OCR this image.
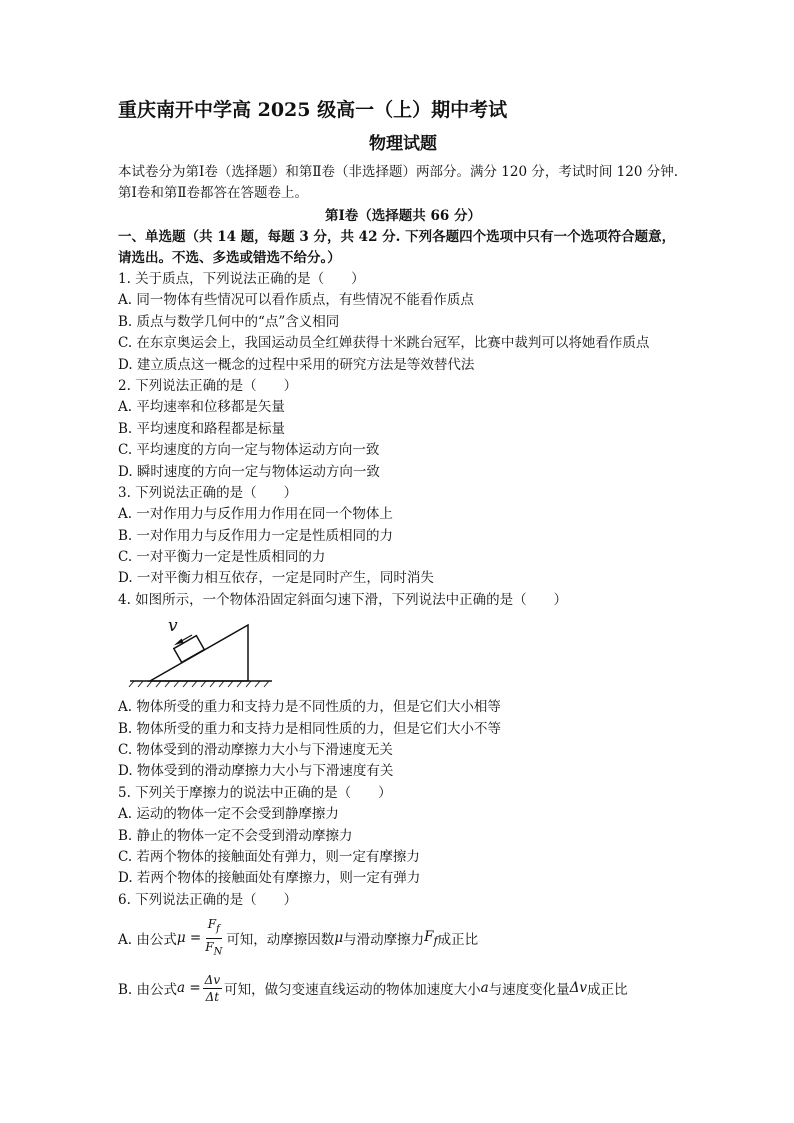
重庆南开中学高 2025 级高一（上）期中考试
物理试题
本试卷分为第Ⅰ卷（选择题）和第Ⅱ卷（非选择题）两部分。满分 120 分，考试时间 120 分钟. 第Ⅰ卷和第Ⅱ卷都答在答题卷上。
第Ⅰ卷（选择题共 66 分）
一、单选题（共 14 题，每题 3 分，共 42 分. 下列各题四个选项中只有一个选项符合题意，请选出。不选、多选或错选不给分。）
1. 关于质点，下列说法正确的是（　　）
A. 同一物体有些情况可以看作质点，有些情况不能看作质点
B. 质点与数学几何中的“点”含义相同
C. 在东京奥运会上，我国运动员全红婵获得十米跳台冠军，比赛中裁判可以将她看作质点
D. 建立质点这一概念的过程中采用的研究方法是等效替代法
2. 下列说法正确的是（　　）
A. 平均速率和位移都是矢量
B. 平均速度和路程都是标量
C. 平均速度的方向一定与物体运动方向一致
D. 瞬时速度的方向一定与物体运动方向一致
3. 下列说法正确的是（　　）
A. 一对作用力与反作用力作用在同一个物体上
B. 一对作用力与反作用力一定是性质相同的力
C. 一对平衡力一定是性质相同的力
D. 一对平衡力相互依存，一定是同时产生，同时消失
4. 如图所示，一个物体沿固定斜面匀速下滑，下列说法中正确的是（　　）
v
A. 物体所受的重力和支持力是不同性质的力，但是它们大小相等
B. 物体所受的重力和支持力是相同性质的力，但是它们大小不等
C. 物体受到的滑动摩擦力大小与下滑速度无关
D. 物体受到的滑动摩擦力大小与下滑速度有关
5. 下列关于摩擦力的说法中正确的是（　　）
A. 运动的物体一定不会受到静摩擦力
B. 静止的物体一定不会受到滑动摩擦力
C. 若两个物体的接触面处有弹力，则一定有摩擦力
D. 若两个物体的接触面处有摩擦力，则一定有弹力
6. 下列说法正确的是（　　）
A. 由公式 $\mu = \frac{F_f}{F_N}$ 可知，动摩擦因数 μ 与滑动摩擦力 $F_f$ 成正比
B. 由公式 $a = \frac{\Delta v}{\Delta t}$ 可知，做匀变速直线运动的物体加速度大小 a 与速度变化量 Δv 成正比
